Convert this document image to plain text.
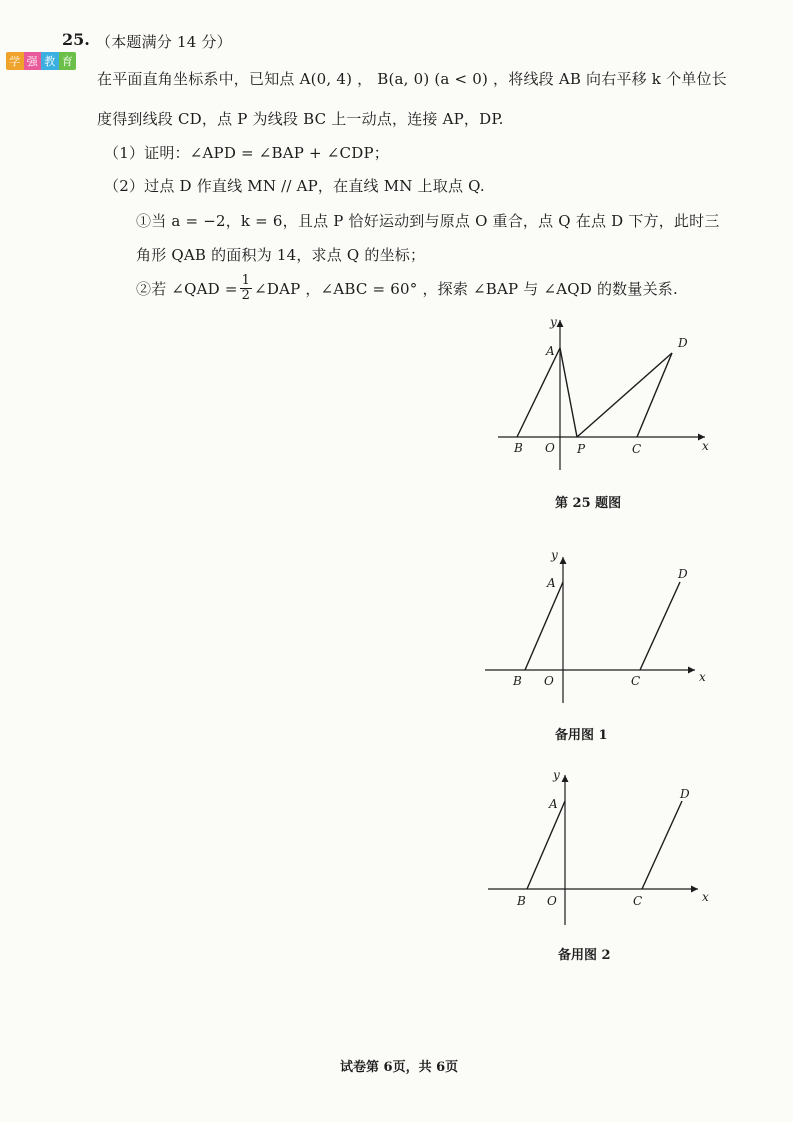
学 强 教 育
25. （本题满分 14 分）
在平面直角坐标系中，已知点 A(0, 4) ， B(a, 0) (a < 0) ，将线段 AB 向右平移 k 个单位长
度得到线段 CD，点 P 为线段 BC 上一动点，连接 AP，DP.
（1）证明：∠APD = ∠BAP + ∠CDP；
（2）过点 D 作直线 MN // AP，在直线 MN 上取点 Q.
①当 a = −2，k = 6，且点 P 恰好运动到与原点 O 重合，点 Q 在点 D 下方，此时三
角形 QAB 的面积为 14，求点 Q 的坐标；
②若 ∠QAD = $\frac{1}{2}$ ∠DAP ，∠ABC = 60° ，探索 ∠BAP 与 ∠AQD 的数量关系.
y
x
A
B O P	C
D
第 25 题图
y
x
A
B O	C
D
备用图 1
y
x
A
B O	C
D
备用图 2
试卷第 6页，共 6页
